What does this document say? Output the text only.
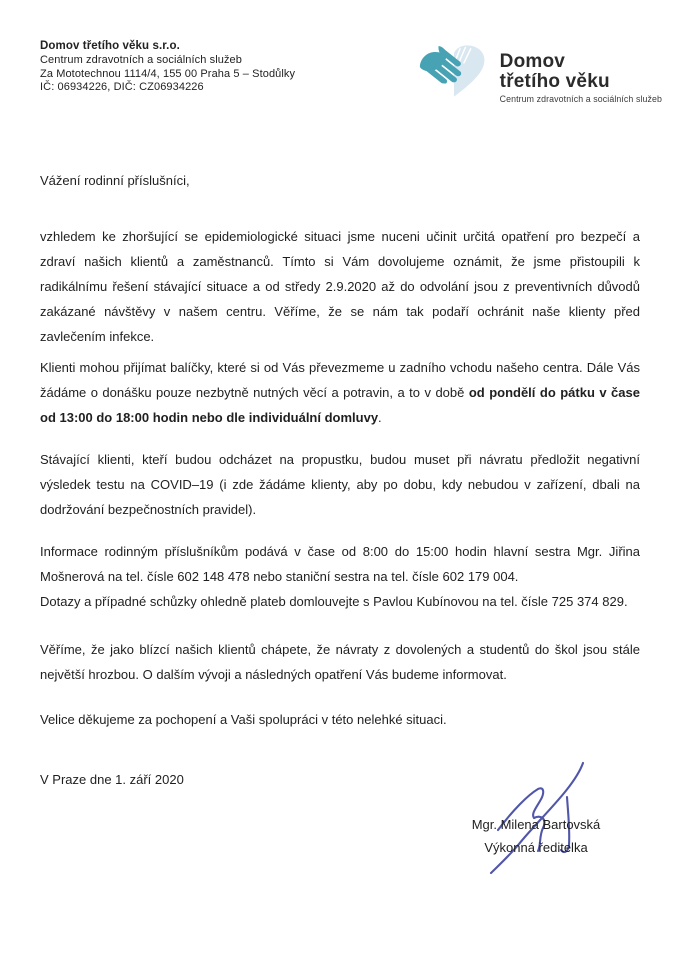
Domov třetího věku s.r.o.
Centrum zdravotních a sociálních služeb
Za Mototechnou 1114/4, 155 00 Praha 5 – Stodůlky
IČ: 06934226, DIČ: CZ06934226
Domov
třetího věku
Centrum zdravotních a sociálních služeb

Vážení rodinní příslušníci,

vzhledem ke zhoršující se epidemiologické situaci jsme nuceni učinit určitá opatření pro bezpečí a zdraví našich klientů a zaměstnanců. Tímto si Vám dovolujeme oznámit, že jsme přistoupili k radikálnímu řešení stávající situace a od středy 2.9.2020 až do odvolání jsou z preventivních důvodů zakázané návštěvy v našem centru. Věříme, že se nám tak podaří ochránit naše klienty před zavlečením infekce.

Klienti mohou přijímat balíčky, které si od Vás převezmeme u zadního vchodu našeho centra. Dále Vás žádáme o donášku pouze nezbytně nutných věcí a potravin, a to v době od pondělí do pátku v čase od 13:00 do 18:00 hodin nebo dle individuální domluvy.

Stávající klienti, kteří budou odcházet na propustku, budou muset při návratu předložit negativní výsledek testu na COVID–19 (i zde žádáme klienty, aby po dobu, kdy nebudou v zařízení, dbali na dodržování bezpečnostních pravidel).

Informace rodinným příslušníkům podává v čase od 8:00 do 15:00 hodin hlavní sestra Mgr. Jiřina Mošnerová na tel. čísle 602 148 478 nebo staniční sestra na tel. čísle 602 179 004.

Dotazy a případné schůzky ohledně plateb domlouvejte s Pavlou Kubínovou na tel. čísle 725 374 829.

Věříme, že jako blízcí našich klientů chápete, že návraty z dovolených a studentů do škol jsou stále největší hrozbou. O dalším vývoji a následných opatření Vás budeme informovat.

Velice děkujeme za pochopení a Vaši spolupráci v této nelehké situaci.

V Praze dne 1. září 2020

Mgr. Milena Bartovská
Výkonná ředitelka
